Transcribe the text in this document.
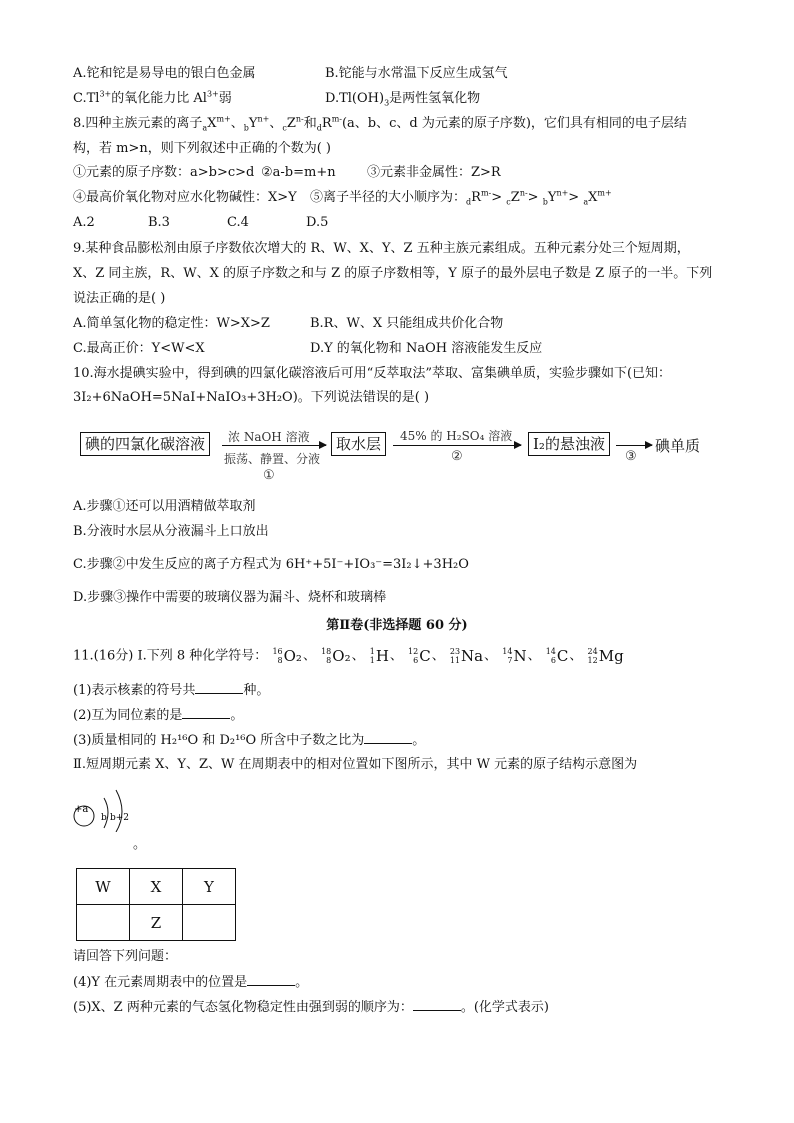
A.铊和铊是易导电的银白色金属	B.铊能与水常温下反应生成氢气
$C.Tl^{3+}$的氧化能力比 $Al^{3+}$弱	$D.Tl(OH)_3$是两性氢氧化物
8.四种主族元素的离子$_aX^{m+}$、$_bY^{n+}$、$_cZ^{n-}$和$_dR^{m-}(a$、b、c、d 为元素的原子序数)，它们具有相同的电子层结
构，若 m>n，则下列叙述中正确的个数为( )
①元素的原子序数：a>b>c>d ②a-b=m+n ③元素非金属性：Z>R
④最高价氧化物对应水化物碱性：X>Y ⑤离子半径的大小顺序为：$_dR^{m-}> _cZ^{n-}> _bY^{n+}> _aX^{m+}$
A.2	B.3	C.4	D.5
9.某种食品膨松剂由原子序数依次增大的 R、W、X、Y、Z 五种主族元素组成。五种元素分处三个短周期，
X、Z 同主族，R、W、X 的原子序数之和与 Z 的原子序数相等，Y 原子的最外层电子数是 Z 原子的一半。下列
说法正确的是( )
A.简单氢化物的稳定性：W>X>Z	B.R、W、X 只能组成共价化合物
C.最高正价：Y<W<X	D.Y 的氧化物和 NaOH 溶液能发生反应
10.海水提碘实验中，得到碘的四氯化碳溶液后可用“反萃取法”萃取、富集碘单质，实验步骤如下(已知：
3I₂+6NaOH=5NaI+NaIO₃+3H₂O)。下列说法错误的是( )
碘的四氯化碳溶液	浓 NaOH 溶液
振荡、静置、分液
①
取水层	45% 的 H₂SO₄ 溶液
②
I₂的悬浊液
③
碘单质
A.步骤①还可以用酒精做萃取剂
B.分液时水层从分液漏斗上口放出
C.步骤②中发生反应的离子方程式为 6H⁺+5I⁻+IO₃⁻=3I₂↓+3H₂O
D.步骤③操作中需要的玻璃仪器为漏斗、烧杯和玻璃棒
第Ⅱ卷(非选择题 60 分)
11.(16分) Ⅰ.下列 8 种化学符号： 16
8O₂、 18
8O₂、 1
1H、 12
6C、 23
11Na、 14
7N、 14
6C、 24
12Mg
(1)表示核素的符号共	种。
(2)互为同位素的是	。
(3)质量相同的 H₂¹⁶O 和 D₂¹⁶O 所含中子数之比为	。
Ⅱ.短周期元素 X、Y、Z、W 在周期表中的相对位置如下图所示，其中 W 元素的原子结构示意图为
+a
b b+2
。
W	X	Y
	Z	
请回答下列问题：
(4)Y 在元素周期表中的位置是	。
(5)X、Z 两种元素的气态氢化物稳定性由强到弱的顺序为：	。(化学式表示)
